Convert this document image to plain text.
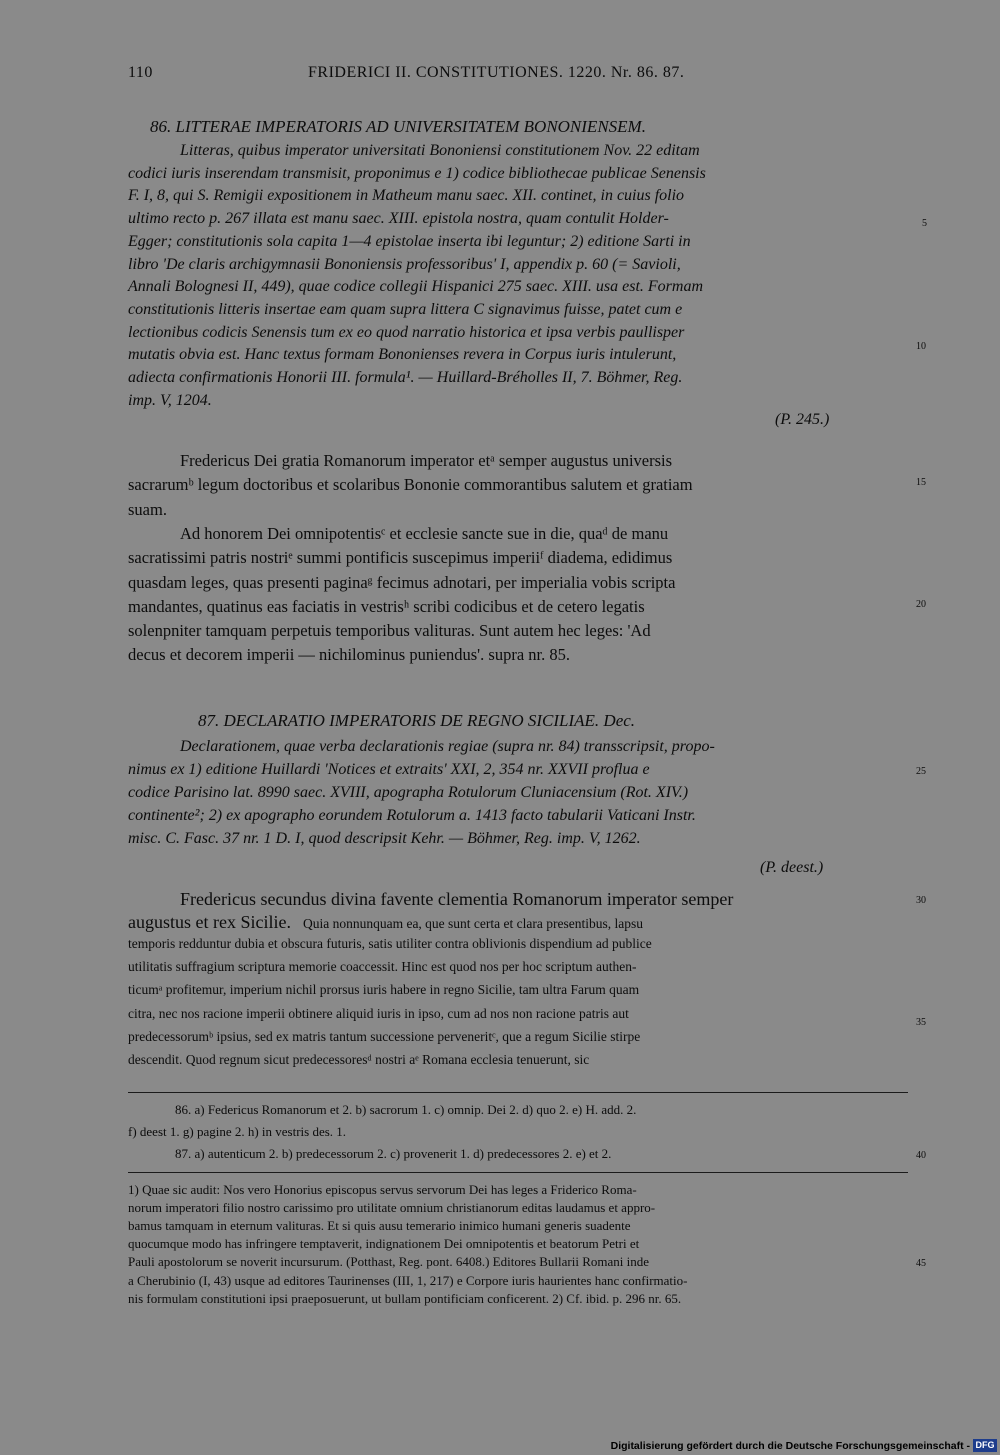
110	FRIDERICI II. CONSTITUTIONES. 1220. Nr. 86. 87.
86. LITTERAE IMPERATORIS AD UNIVERSITATEM BONONIENSEM.
Litteras, quibus imperator universitati Bononiensi constitutionem Nov. 22 editam
codici iuris inserendam transmisit, proponimus e 1) codice bibliothecae publicae Senensis
F. I, 8, qui S. Remigii expositionem in Matheum manu saec. XII. continet, in cuius folio
ultimo recto p. 267 illata est manu saec. XIII. epistola nostra, quam contulit Holder-
Egger; constitutionis sola capita 1—4 epistolae inserta ibi leguntur; 2) editione Sarti in
libro 'De claris archigymnasii Bononiensis professoribus' I, appendix p. 60 (= Savioli,
Annali Bolognesi II, 449), quae codice collegii Hispanici 275 saec. XIII. usa est. Formam
constitutionis litteris insertae eam quam supra littera C signavimus fuisse, patet cum e
lectionibus codicis Senensis tum ex eo quod narratio historica et ipsa verbis paullisper
mutatis obvia est. Hanc textus formam Bononienses revera in Corpus iuris intulerunt,
adiecta confirmationis Honorii III. formula¹. — Huillard-Bréholles II, 7. Böhmer, Reg.
imp. V, 1204.
(P. 245.)
Fredericus Dei gratia Romanorum imperator etᵃ semper augustus universis
sacrarumᵇ legum doctoribus et scolaribus Bononie commorantibus salutem et gratiam
suam.
Ad honorem Dei omnipotentisᶜ et ecclesie sancte sue in die, quaᵈ de manu
sacratissimi patris nostriᵉ summi pontificis suscepimus imperiiᶠ diadema, edidimus
quasdam leges, quas presenti paginaᵍ fecimus adnotari, per imperialia vobis scripta
mandantes, quatinus eas faciatis in vestrisʰ scribi codicibus et de cetero legatis
solenpniter tamquam perpetuis temporibus valituras. Sunt autem hec leges: 'Ad
decus et decorem imperii — nichilominus puniendus'. supra nr. 85.
87. DECLARATIO IMPERATORIS DE REGNO SICILIAE. Dec.
Declarationem, quae verba declarationis regiae (supra nr. 84) transscripsit, propo-
nimus ex 1) editione Huillardi 'Notices et extraits' XXI, 2, 354 nr. XXVII profluа e
codice Parisino lat. 8990 saec. XVIII, apographa Rotulorum Cluniacensium (Rot. XIV.)
continente²; 2) ex apographo eorundem Rotulorum a. 1413 facto tabularii Vaticani Instr.
misc. C. Fasc. 37 nr. 1 D. I, quod descripsit Kehr. — Böhmer, Reg. imp. V, 1262.
(P. deest.)
Fredericus secundus divina favente clementia Romanorum imperator semper
augustus et rex Sicilie. Quia nonnunquam ea, que sunt certa et clara presentibus, lapsu
temporis redduntur dubia et obscura futuris, satis utiliter contra oblivionis dispendium ad publice
utilitatis suffragium scriptura memorie coaccessit. Hinc est quod nos per hoc scriptum authen-
ticumᵃ profitemur, imperium nichil prorsus iuris habere in regno Sicilie, tam ultra Farum quam
citra, nec nos racione imperii obtinere aliquid iuris in ipso, cum ad nos non racione patris aut
predecessorumᵇ ipsius, sed ex matris tantum successione pervenеritᶜ, que a regum Sicilie stirpe
descendit. Quod regnum sicut predecessoresᵈ nostri aᵉ Romana ecclesia tenuerunt, sic
86. a) Federicus Romanorum et 2. b) sacrorum 1. c) omnip. Dei 2. d) quo 2. e) H. add. 2.
f) deest 1. g) pagine 2. h) in vestris des. 1.
87. a) autenticum 2. b) predecessorum 2. c) provenerit 1. d) predecessores 2. e) et 2.
1) Quae sic audit: Nos vero Honorius episcopus servus servorum Dei has leges a Friderico Roma-
norum imperatori filio nostro carissimo pro utilitate omnium christianorum editas laudamus et appro-
bamus tamquam in eternum valituras. Et si quis ausu temerario inimico humani generis suadente
quocumque modo has infringere temptaverit, indignationem Dei omnipotentis et beatorum Petri et
Pauli apostolorum se noverit incursurum. (Potthast, Reg. pont. 6408.) Editores Bullarii Romani inde
a Cherubinio (I, 43) usque ad editores Taurinenses (III, 1, 217) e Corpore iuris haurientes hanc confirmatio-
nis formulam constitutioni ipsi praeposuerunt, ut bullam pontificiam conficerent. 2) Cf. ibid. p. 296 nr. 65.
5
10
15
20
25
30
35
40
45
Digitalisierung gefördert durch die Deutsche Forschungsgemeinschaft - DFG
